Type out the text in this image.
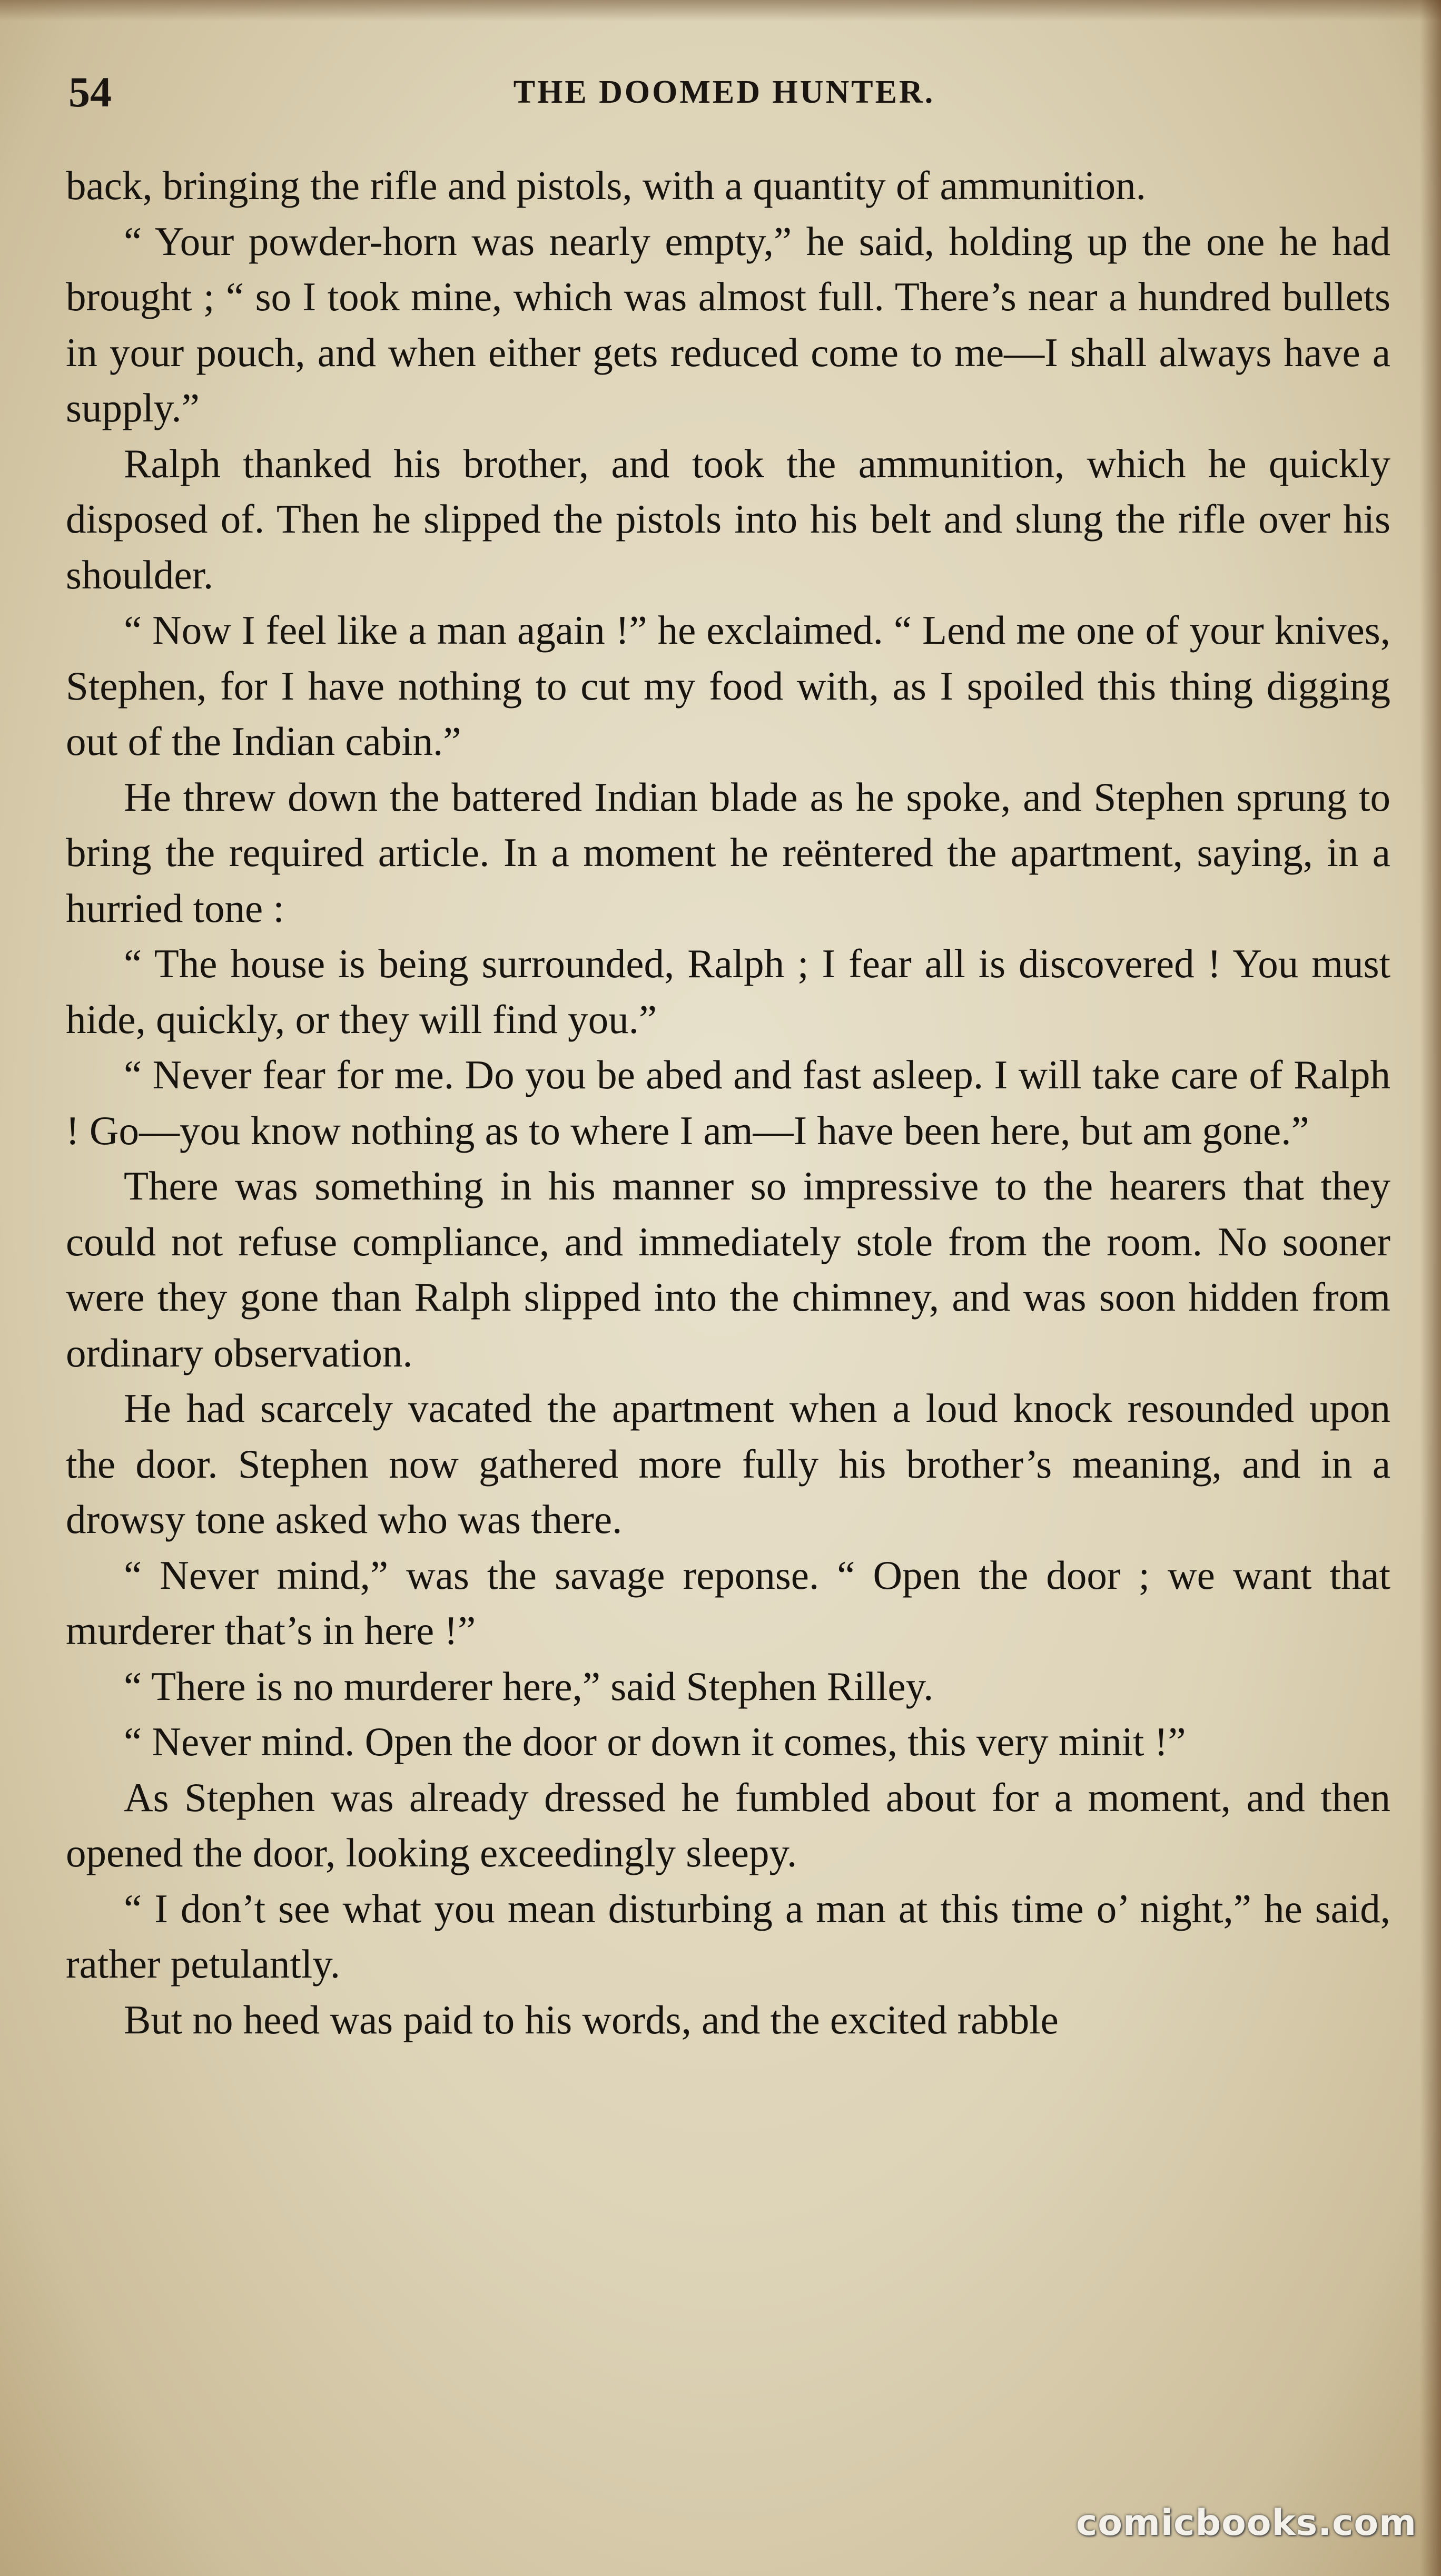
54	THE DOOMED HUNTER.

back, bringing the rifle and pistols, with a quantity of ammunition.

“ Your powder-horn was nearly empty,” he said, holding up the one he had brought ; “ so I took mine, which was almost full. There’s near a hundred bullets in your pouch, and when either gets reduced come to me—I shall always have a supply.”

Ralph thanked his brother, and took the ammunition, which he quickly disposed of. Then he slipped the pistols into his belt and slung the rifle over his shoulder.

“ Now I feel like a man again !” he exclaimed. “ Lend me one of your knives, Stephen, for I have nothing to cut my food with, as I spoiled this thing digging out of the Indian cabin.”

He threw down the battered Indian blade as he spoke, and Stephen sprung to bring the required article. In a moment he reëntered the apartment, saying, in a hurried tone :

“ The house is being surrounded, Ralph ; I fear all is discovered ! You must hide, quickly, or they will find you.”

“ Never fear for me. Do you be abed and fast asleep. I will take care of Ralph ! Go—you know nothing as to where I am—I have been here, but am gone.”

There was something in his manner so impressive to the hearers that they could not refuse compliance, and immediately stole from the room. No sooner were they gone than Ralph slipped into the chimney, and was soon hidden from ordinary observation.

He had scarcely vacated the apartment when a loud knock resounded upon the door. Stephen now gathered more fully his brother’s meaning, and in a drowsy tone asked who was there.

“ Never mind,” was the savage reponse. “ Open the door ; we want that murderer that’s in here !”

“ There is no murderer here,” said Stephen Rilley.

“ Never mind. Open the door or down it comes, this very minit !”

As Stephen was already dressed he fumbled about for a moment, and then opened the door, looking exceedingly sleepy.

“ I don’t see what you mean disturbing a man at this time o’ night,” he said, rather petulantly.

But no heed was paid to his words, and the excited rabble

comicbooks.com
